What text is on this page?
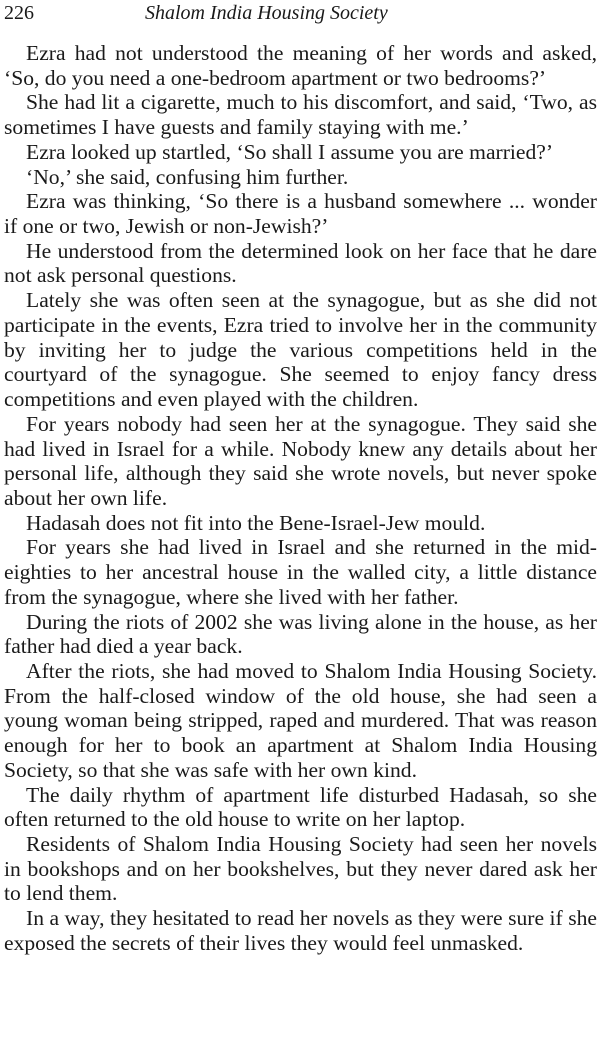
226	Shalom India Housing Society

Ezra had not understood the meaning of her words and asked, ‘So, do you need a one-bedroom apartment or two bedrooms?’

She had lit a cigarette, much to his discomfort, and said, ‘Two, as sometimes I have guests and family staying with me.’

Ezra looked up startled, ‘So shall I assume you are married?’

‘No,’ she said, confusing him further.

Ezra was thinking, ‘So there is a husband somewhere ... wonder if one or two, Jewish or non-Jewish?’

He understood from the determined look on her face that he dare not ask personal questions.

Lately she was often seen at the synagogue, but as she did not participate in the events, Ezra tried to involve her in the community by inviting her to judge the various competitions held in the courtyard of the synagogue. She seemed to enjoy fancy dress competitions and even played with the children.

For years nobody had seen her at the synagogue. They said she had lived in Israel for a while. Nobody knew any details about her personal life, although they said she wrote novels, but never spoke about her own life.

Hadasah does not fit into the Bene-Israel-Jew mould.

For years she had lived in Israel and she returned in the mid-eighties to her ancestral house in the walled city, a little distance from the synagogue, where she lived with her father.

During the riots of 2002 she was living alone in the house, as her father had died a year back.

After the riots, she had moved to Shalom India Housing Society. From the half-closed window of the old house, she had seen a young woman being stripped, raped and murdered. That was reason enough for her to book an apartment at Shalom India Housing Society, so that she was safe with her own kind.

The daily rhythm of apartment life disturbed Hadasah, so she often returned to the old house to write on her laptop.

Residents of Shalom India Housing Society had seen her novels in bookshops and on her bookshelves, but they never dared ask her to lend them.

In a way, they hesitated to read her novels as they were sure if she exposed the secrets of their lives they would feel unmasked.
